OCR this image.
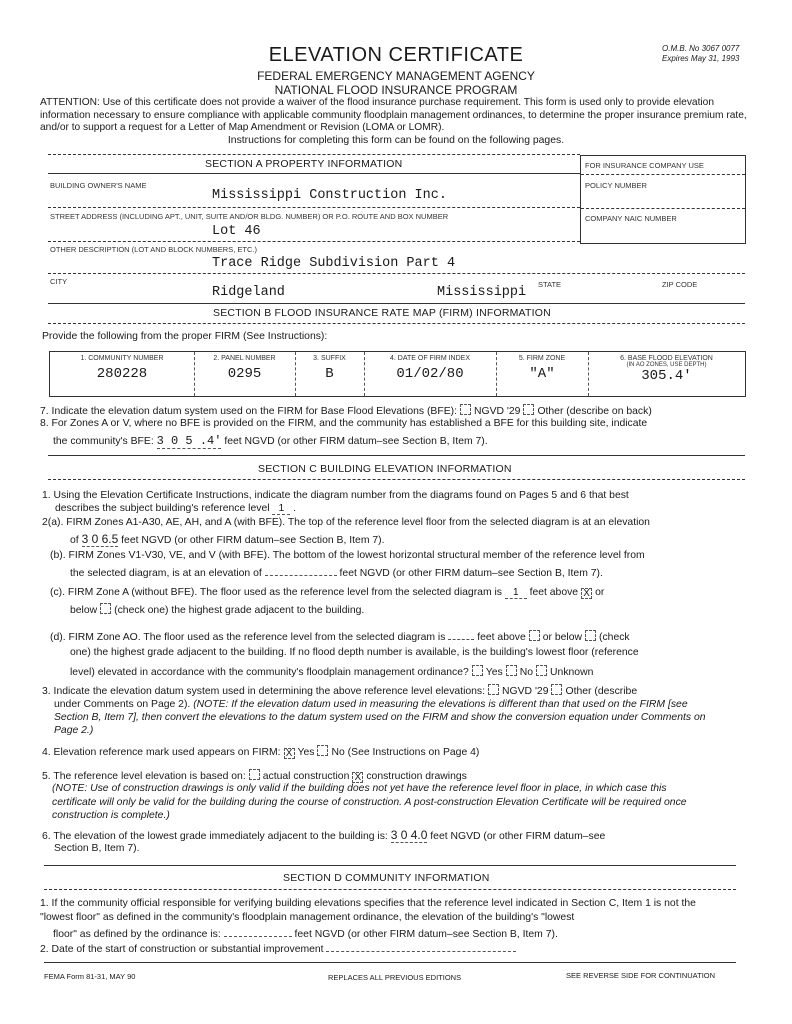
ELEVATION CERTIFICATE	O.M.B. No 3067 0077
Expires May 31, 1993
FEDERAL EMERGENCY MANAGEMENT AGENCY
NATIONAL FLOOD INSURANCE PROGRAM
ATTENTION: Use of this certificate does not provide a waiver of the flood insurance purchase requirement. This form is used only to provide elevation information necessary to ensure compliance with applicable community floodplain management ordinances, to determine the proper insurance premium rate, and/or to support a request for a Letter of Map Amendment or Revision (LOMA or LOMR).
Instructions for completing this form can be found on the following pages.
SECTION A PROPERTY INFORMATION	FOR INSURANCE COMPANY USE
POLICY NUMBER
COMPANY NAIC NUMBER
BUILDING OWNER'S NAME
Mississippi Construction Inc.
STREET ADDRESS (INCLUDING APT., UNIT, SUITE AND/OR BLDG. NUMBER) OR P.O. ROUTE AND BOX NUMBER
Lot 46
OTHER DESCRIPTION (LOT AND BLOCK NUMBERS, ETC.)
Trace Ridge Subdivision Part 4
CITY
Ridgeland
STATE
Mississippi
ZIP CODE
SECTION B FLOOD INSURANCE RATE MAP (FIRM) INFORMATION
Provide the following from the proper FIRM (See Instructions):
1. COMMUNITY NUMBER
280228
2. PANEL NUMBER
0295
3. SUFFIX
B
4. DATE OF FIRM INDEX
01/02/80
5. FIRM ZONE
"A"
6. BASE FLOOD ELEVATION
(IN AO ZONES, USE DEPTH)
305.4'
7. Indicate the elevation datum system used on the FIRM for Base Flood Elevations (BFE): NGVD '29 Other (describe on back)
8. For Zones A or V, where no BFE is provided on the FIRM, and the community has established a BFE for this building site, indicate
the community's BFE: 3 0 5 .4' feet NGVD (or other FIRM datum–see Section B, Item 7).
SECTION C BUILDING ELEVATION INFORMATION
1. Using the Elevation Certificate Instructions, indicate the diagram number from the diagrams found on Pages 5 and 6 that best
describes the subject building's reference level 1 .
2(a). FIRM Zones A1-A30, AE, AH, and A (with BFE). The top of the reference level floor from the selected diagram is at an elevation
of 3 0 6.5 feet NGVD (or other FIRM datum–see Section B, Item 7).
(b). FIRM Zones V1-V30, VE, and V (with BFE). The bottom of the lowest horizontal structural member of the reference level from
the selected diagram, is at an elevation of	feet NGVD (or other FIRM datum–see Section B, Item 7).
(c). FIRM Zone A (without BFE). The floor used as the reference level from the selected diagram is 1 feet above X or
below (check one) the highest grade adjacent to the building.
(d). FIRM Zone AO. The floor used as the reference level from the selected diagram is	feet above or below (check
one) the highest grade adjacent to the building. If no flood depth number is available, is the building's lowest floor (reference
level) elevated in accordance with the community's floodplain management ordinance? Yes No Unknown
3. Indicate the elevation datum system used in determining the above reference level elevations: NGVD '29 Other (describe
under Comments on Page 2). (NOTE: If the elevation datum used in measuring the elevations is different than that used on the FIRM [see Section B, Item 7], then convert the elevations to the datum system used on the FIRM and show the conversion equation under Comments on Page 2.)
4. Elevation reference mark used appears on FIRM: X Yes No (See Instructions on Page 4)
5. The reference level elevation is based on: actual construction X construction drawings
(NOTE: Use of construction drawings is only valid if the building does not yet have the reference level floor in place, in which case this certificate will only be valid for the building during the course of construction. A post-construction Elevation Certificate will be required once construction is complete.)
6. The elevation of the lowest grade immediately adjacent to the building is: 3 0 4.0 feet NGVD (or other FIRM datum–see
Section B, Item 7).
SECTION D COMMUNITY INFORMATION
1. If the community official responsible for verifying building elevations specifies that the reference level indicated in Section C, Item 1 is not the "lowest floor" as defined in the community's floodplain management ordinance, the elevation of the building's "lowest
floor" as defined by the ordinance is:	feet NGVD (or other FIRM datum–see Section B, Item 7).
2. Date of the start of construction or substantial improvement
FEMA Form 81-31, MAY 90	REPLACES ALL PREVIOUS EDITIONS	SEE REVERSE SIDE FOR CONTINUATION
